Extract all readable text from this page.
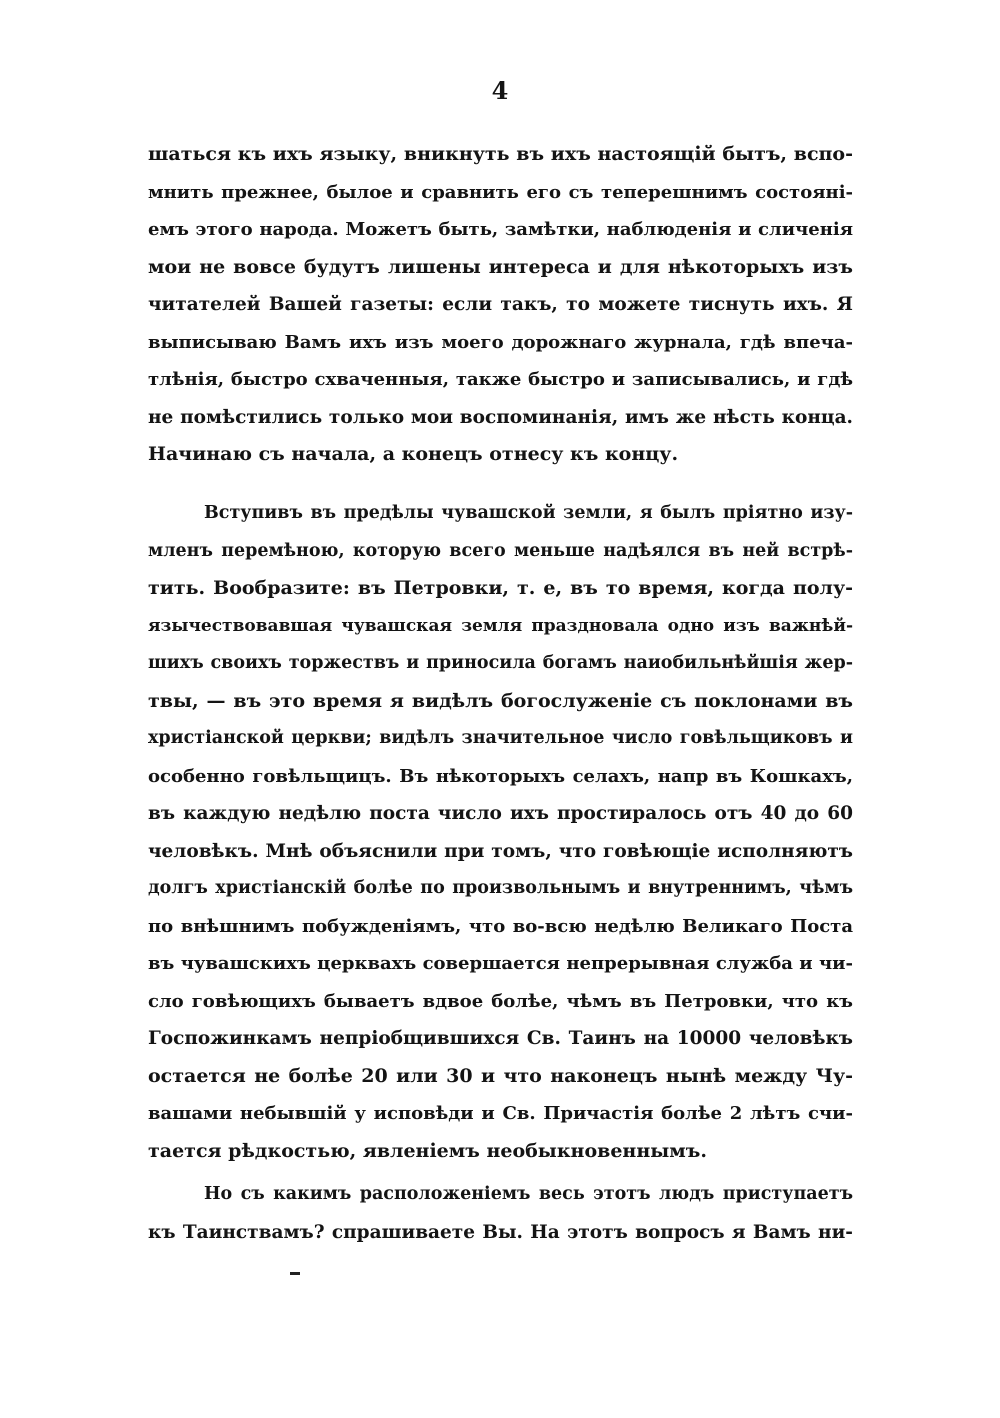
4
шаться къ ихъ языку, вникнуть въ ихъ настоящій бытъ, вспо-
мнить прежнее, былое и сравнить его съ теперешнимъ состояні-
емъ этого народа. Можетъ быть, замѣтки, наблюденія и сличенія
мои не вовсе будутъ лишены интереса и для нѣкоторыхъ изъ
читателей Вашей газеты: если такъ, то можете тиснуть ихъ. Я
выписываю Вамъ ихъ изъ моего дорожнаго журнала, гдѣ впеча-
тлѣнія, быстро схваченныя, также быстро и записывались, и гдѣ
не помѣстились только мои воспоминанія, имъ же нѣсть конца.
Начинаю съ начала, а конецъ отнесу къ концу.
Вступивъ въ предѣлы чувашской земли, я былъ пріятно изу-
мленъ перемѣною, которую всего меньше надѣялся въ ней встрѣ-
тить. Вообразите: въ Петровки, т. е, въ то время, когда полу-
язычествовавшая чувашская земля праздновала одно изъ важнѣй-
шихъ своихъ торжествъ и приносила богамъ наиобильнѣйшія жер-
твы, — въ это время я видѣлъ богослуженіе съ поклонами въ
христіанской церкви; видѣлъ значительное число говѣльщиковъ и
особенно говѣльщицъ. Въ нѣкоторыхъ селахъ, напр въ Кошкахъ,
въ каждую недѣлю поста число ихъ простиралось отъ 40 до 60
человѣкъ. Мнѣ объяснили при томъ, что говѣющіе исполняютъ
долгъ христіанскій болѣе по произвольнымъ и внутреннимъ, чѣмъ
по внѣшнимъ побужденіямъ, что во-всю недѣлю Великаго Поста
въ чувашскихъ церквахъ совершается непрерывная служба и чи-
сло говѣющихъ бываетъ вдвое болѣе, чѣмъ въ Петровки, что къ
Госпожинкамъ непріобщившихся Св. Таинъ на 10000 человѣкъ
остается не болѣе 20 или 30 и что наконецъ нынѣ между Чу-
вашами небывшій у исповѣди и Св. Причастія болѣе 2 лѣтъ счи-
тается рѣдкостью, явленіемъ необыкновеннымъ.
Но съ какимъ расположеніемъ весь этотъ людъ приступаетъ
къ Таинствамъ? спрашиваете Вы. На этотъ вопросъ я Вамъ ни-
